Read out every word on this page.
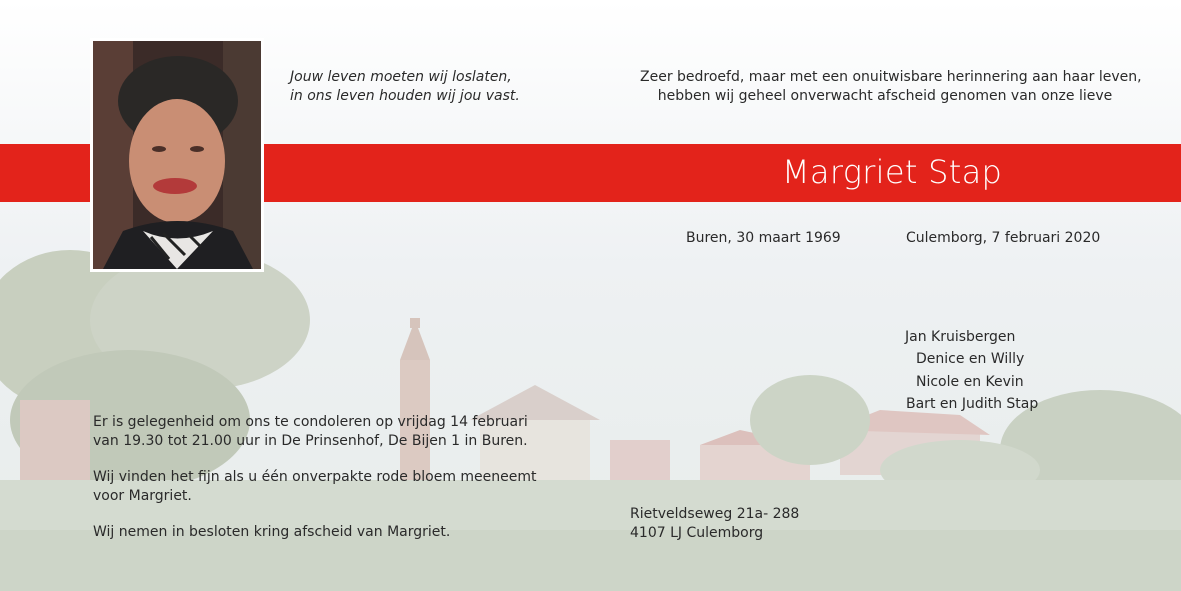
Jouw leven moeten wij loslaten,
in ons leven houden wij jou vast.
Zeer bedroefd, maar met een onuitwisbare herinnering aan haar leven,
hebben wij geheel onverwacht afscheid genomen van onze lieve
Margriet Stap
Buren, 30 maart 1969	Culemborg, 7 februari 2020
Jan Kruisbergen
Denice en Willy
Nicole en Kevin
Bart en Judith Stap
Er is gelegenheid om ons te condoleren op vrijdag 14 februari
van 19.30 tot 21.00 uur in De Prinsenhof, De Bijen 1 in Buren.
Wij vinden het fijn als u één onverpakte rode bloem meeneemt
voor Margriet.
Wij nemen in besloten kring afscheid van Margriet.
Rietveldseweg 21a- 288
4107 LJ Culemborg
